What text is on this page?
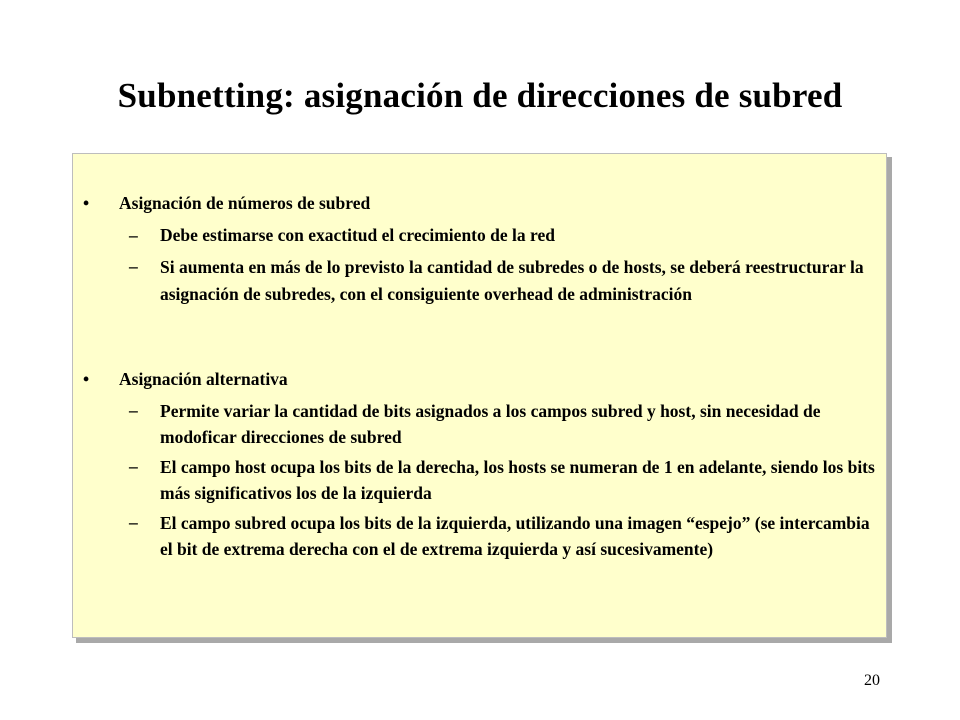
Subnetting: asignación de direcciones de subred
•	Asignación de números de subred
– Debe estimarse con exactitud el crecimiento de la red
– Si aumenta en más de lo previsto la cantidad de subredes o de hosts, se deberá reestructurar la asignación de subredes, con el consiguiente overhead de administración
•	Asignación alternativa
– Permite variar la cantidad de bits asignados a los campos subred y host, sin necesidad de modoficar direcciones de subred
– El campo host ocupa los bits de la derecha, los hosts se numeran de 1 en adelante, siendo los bits más significativos los de la izquierda
– El campo subred ocupa los bits de la izquierda, utilizando una imagen “espejo” (se intercambia el bit de extrema derecha con el de extrema izquierda y así sucesivamente)
20
